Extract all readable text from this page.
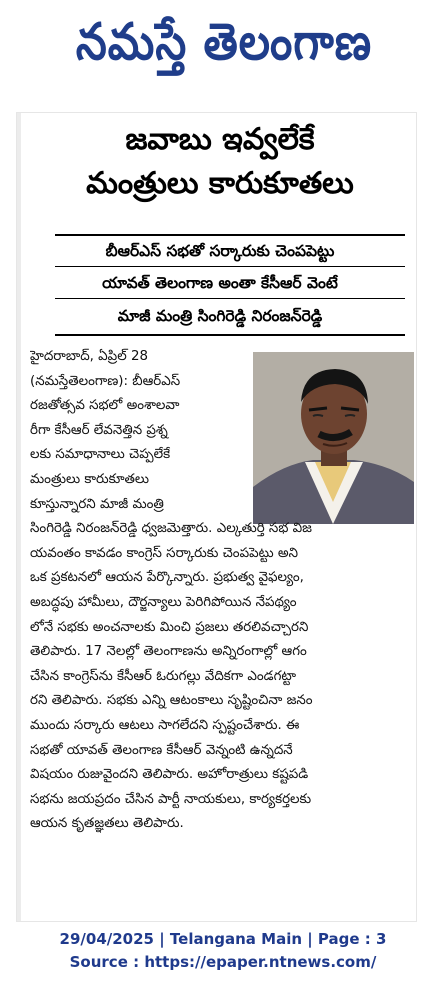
నమస్తే తెలంగాణ
జవాబు ఇవ్వలేకే
మంత్రులు కారుకూతలు
బీఆర్‌ఎస్ సభతో సర్కారుకు చెంపపెట్టు
యావత్ తెలంగాణ అంతా కేసీఆర్ వెంటే
మాజీ మంత్రి సింగిరెడ్డి నిరంజన్‌రెడ్డి
హైదరాబాద్, ఏప్రిల్ 28
(నమస్తేతెలంగాణ): బీఆర్‌ఎస్
రజతోత్సవ సభలో అంశాలవా
రీగా కేసీఆర్ లేవనెత్తిన ప్రశ్న
లకు సమాధానాలు చెప్పలేకే
మంత్రులు కారుకూతలు
కూస్తున్నారని మాజీ మంత్రి
సింగిరెడ్డి నిరంజన్‌రెడ్డి ధ్వజమెత్తారు. ఎల్కతుర్తి సభ విజ
యవంతం కావడం కాంగ్రెస్ సర్కారుకు చెంపపెట్టు అని
ఒక ప్రకటనలో ఆయన పేర్కొన్నారు. ప్రభుత్వ వైఫల్యం,
అబద్ధపు హామీలు, దౌర్జన్యాలు పెరిగిపోయిన నేపథ్యం
లోనే సభకు అంచనాలకు మించి ప్రజలు తరలివచ్చారని
తెలిపారు. 17 నెలల్లో తెలంగాణను అన్నిరంగాల్లో ఆగం
చేసిన కాంగ్రెస్‌ను కేసీఆర్ ఓరుగల్లు వేదికగా ఎండగట్టా
రని తెలిపారు. సభకు ఎన్ని ఆటంకాలు సృష్టించినా జనం
ముందు సర్కారు ఆటలు సాగలేదని స్పష్టంచేశారు. ఈ
సభతో యావత్ తెలంగాణ కేసీఆర్ వెన్నంటి ఉన్నదనే
విషయం రుజువైందని తెలిపారు. అహోరాత్రులు కష్టపడి
సభను జయప్రదం చేసిన పార్టీ నాయకులు, కార్యకర్తలకు
ఆయన కృతజ్ఞతలు తెలిపారు.
29/04/2025 | Telangana Main | Page : 3
Source : https://epaper.ntnews.com/
